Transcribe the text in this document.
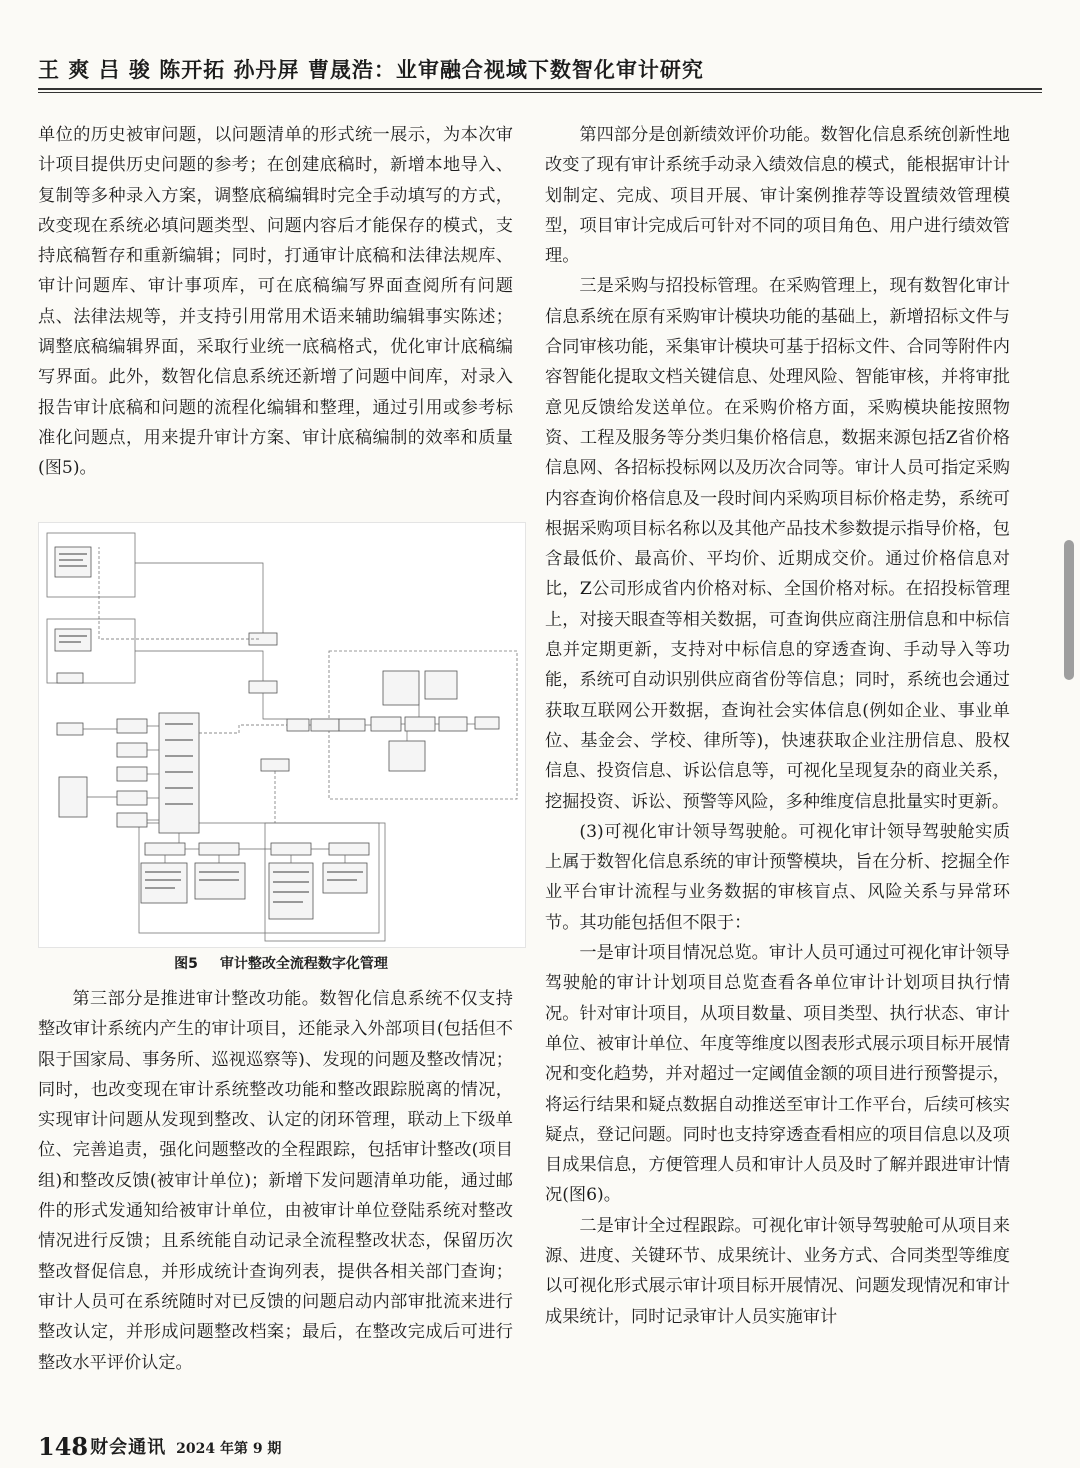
王 爽 吕 骏 陈开拓 孙丹屏 曹晟浩：业审融合视域下数智化审计研究

单位的历史被审问题，以问题清单的形式统一展示，为本次审计项目提供历史问题的参考；在创建底稿时，新增本地导入、复制等多种录入方案，调整底稿编辑时完全手动填写的方式，改变现在系统必填问题类型、问题内容后才能保存的模式，支持底稿暂存和重新编辑；同时，打通审计底稿和法律法规库、审计问题库、审计事项库，可在底稿编写界面查阅所有问题点、法律法规等，并支持引用常用术语来辅助编辑事实陈述；调整底稿编辑界面，采取行业统一底稿格式，优化审计底稿编写界面。此外，数智化信息系统还新增了问题中间库，对录入报告审计底稿和问题的流程化编辑和整理，通过引用或参考标准化问题点，用来提升审计方案、审计底稿编制的效率和质量(图5)。

图5 审计整改全流程数字化管理

第三部分是推进审计整改功能。数智化信息系统不仅支持整改审计系统内产生的审计项目，还能录入外部项目(包括但不限于国家局、事务所、巡视巡察等)、发现的问题及整改情况；同时，也改变现在审计系统整改功能和整改跟踪脱离的情况，实现审计问题从发现到整改、认定的闭环管理，联动上下级单位、完善追责，强化问题整改的全程跟踪，包括审计整改(项目组)和整改反馈(被审计单位)；新增下发问题清单功能，通过邮件的形式发通知给被审计单位，由被审计单位登陆系统对整改情况进行反馈；且系统能自动记录全流程整改状态，保留历次整改督促信息，并形成统计查询列表，提供各相关部门查询；审计人员可在系统随时对已反馈的问题启动内部审批流来进行整改认定，并形成问题整改档案；最后，在整改完成后可进行整改水平评价认定。

第四部分是创新绩效评价功能。数智化信息系统创新性地改变了现有审计系统手动录入绩效信息的模式，能根据审计计划制定、完成、项目开展、审计案例推荐等设置绩效管理模型，项目审计完成后可针对不同的项目角色、用户进行绩效管理。

三是采购与招投标管理。在采购管理上，现有数智化审计信息系统在原有采购审计模块功能的基础上，新增招标文件与合同审核功能，采集审计模块可基于招标文件、合同等附件内容智能化提取文档关键信息、处理风险、智能审核，并将审批意见反馈给发送单位。在采购价格方面，采购模块能按照物资、工程及服务等分类归集价格信息，数据来源包括Z省价格信息网、各招标投标网以及历次合同等。审计人员可指定采购内容查询价格信息及一段时间内采购项目标价格走势，系统可根据采购项目标名称以及其他产品技术参数提示指导价格，包含最低价、最高价、平均价、近期成交价。通过价格信息对比，Z公司形成省内价格对标、全国价格对标。在招投标管理上，对接天眼查等相关数据，可查询供应商注册信息和中标信息并定期更新，支持对中标信息的穿透查询、手动导入等功能，系统可自动识别供应商省份等信息；同时，系统也会通过获取互联网公开数据，查询社会实体信息(例如企业、事业单位、基金会、学校、律所等)，快速获取企业注册信息、股权信息、投资信息、诉讼信息等，可视化呈现复杂的商业关系，挖掘投资、诉讼、预警等风险，多种维度信息批量实时更新。

(3)可视化审计领导驾驶舱。可视化审计领导驾驶舱实质上属于数智化信息系统的审计预警模块，旨在分析、挖掘全作业平台审计流程与业务数据的审核盲点、风险关系与异常环节。其功能包括但不限于：

一是审计项目情况总览。审计人员可通过可视化审计领导驾驶舱的审计计划项目总览查看各单位审计计划项目执行情况。针对审计项目，从项目数量、项目类型、执行状态、审计单位、被审计单位、年度等维度以图表形式展示项目标开展情况和变化趋势，并对超过一定阈值金额的项目进行预警提示，将运行结果和疑点数据自动推送至审计工作平台，后续可核实疑点，登记问题。同时也支持穿透查看相应的项目信息以及项目成果信息，方便管理人员和审计人员及时了解并跟进审计情况(图6)。

二是审计全过程跟踪。可视化审计领导驾驶舱可从项目来源、进度、关键环节、成果统计、业务方式、合同类型等维度以可视化形式展示审计项目标开展情况、问题发现情况和审计成果统计，同时记录审计人员实施审计

148 财会通讯 2024 年第 9 期
